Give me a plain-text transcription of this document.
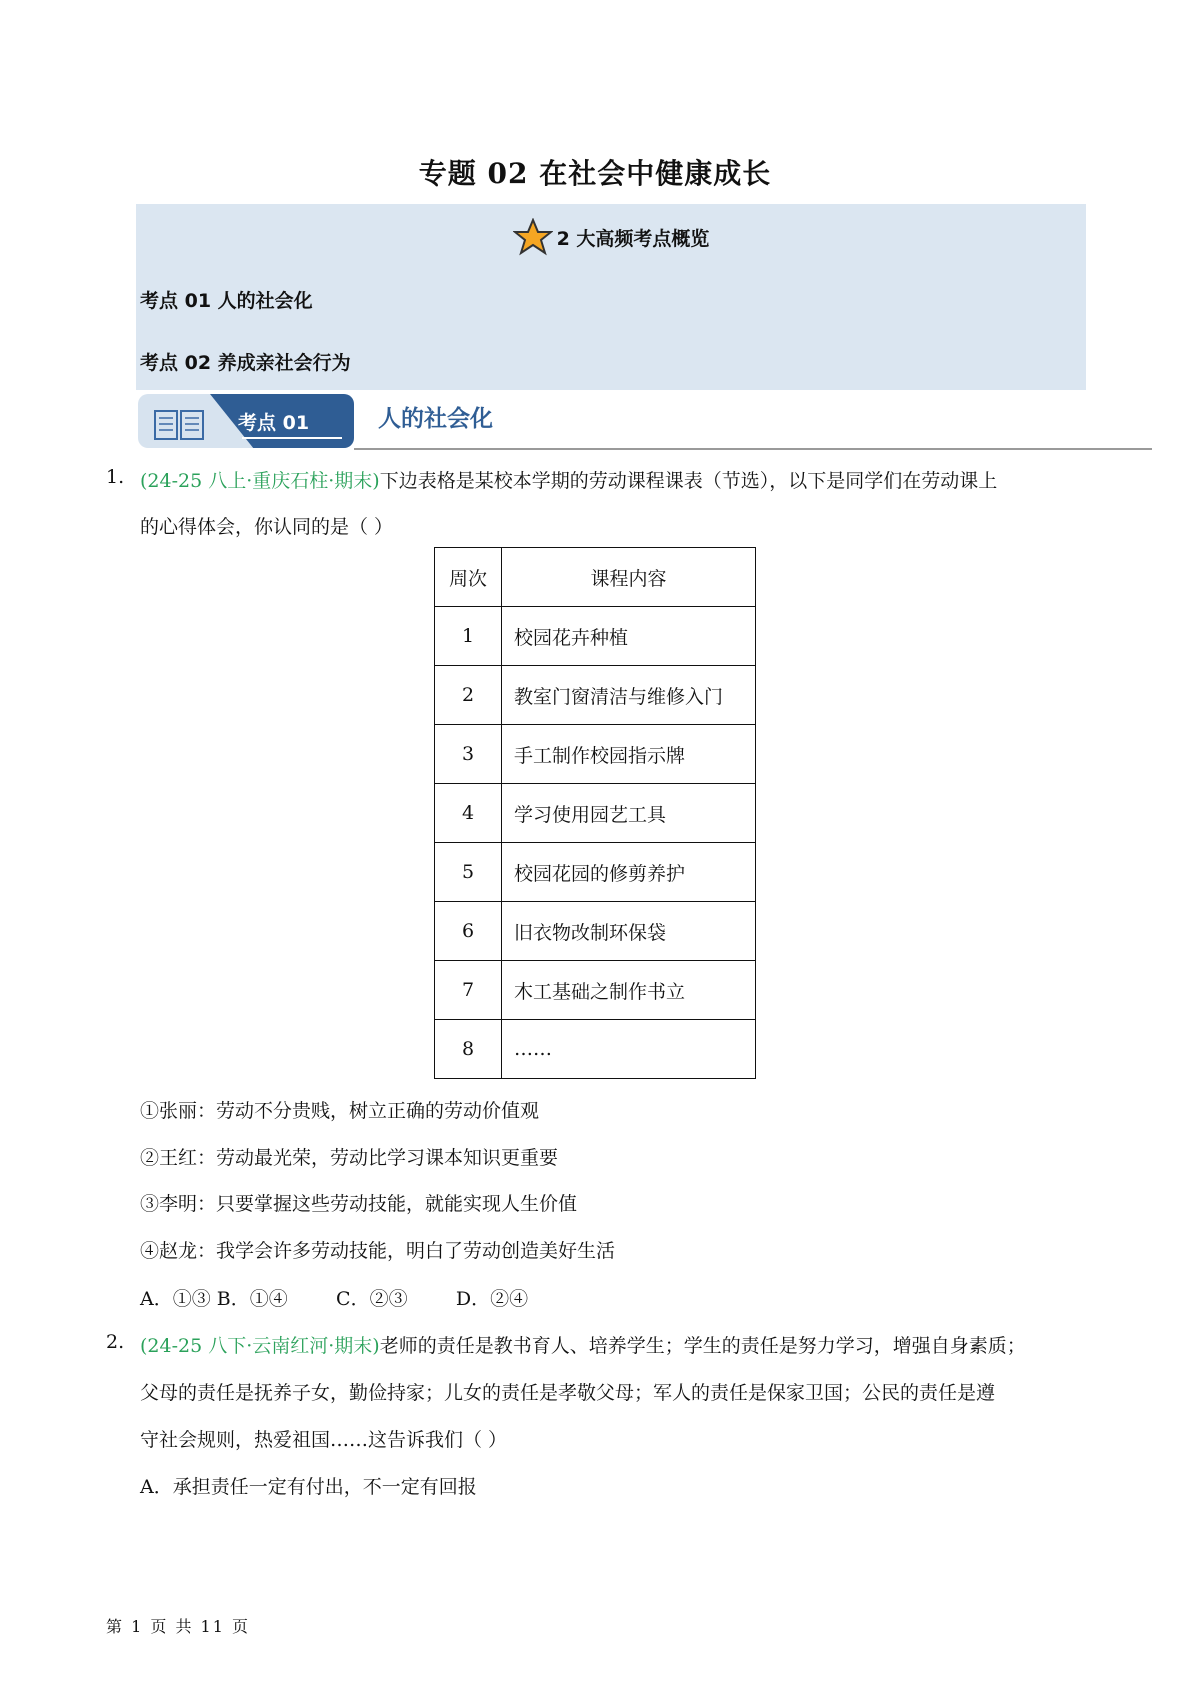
专题 02 在社会中健康成长
2 大高频考点概览
考点 01 人的社会化
考点 02 养成亲社会行为
考点 01	人的社会化
1. (24-25 八上·重庆石柱·期末)下边表格是某校本学期的劳动课程课表（节选），以下是同学们在劳动课上
的心得体会，你认同的是（ ）
周次	课程内容
1	校园花卉种植
2	教室门窗清洁与维修入门
3	手工制作校园指示牌
4	学习使用园艺工具
5	校园花园的修剪养护
6	旧衣物改制环保袋
7	木工基础之制作书立
8	……
①张丽：劳动不分贵贱，树立正确的劳动价值观
②王红：劳动最光荣，劳动比学习课本知识更重要
③李明：只要掌握这些劳动技能，就能实现人生价值
④赵龙：我学会许多劳动技能，明白了劳动创造美好生活
A．①③ B．①④        C．②③        D．②④
2. (24-25 八下·云南红河·期末)老师的责任是教书育人、培养学生；学生的责任是努力学习，增强自身素质；
父母的责任是抚养子女，勤俭持家；儿女的责任是孝敬父母；军人的责任是保家卫国；公民的责任是遵
守社会规则，热爱祖国……这告诉我们（ ）
A．承担责任一定有付出，不一定有回报
第 1 页 共 11 页
